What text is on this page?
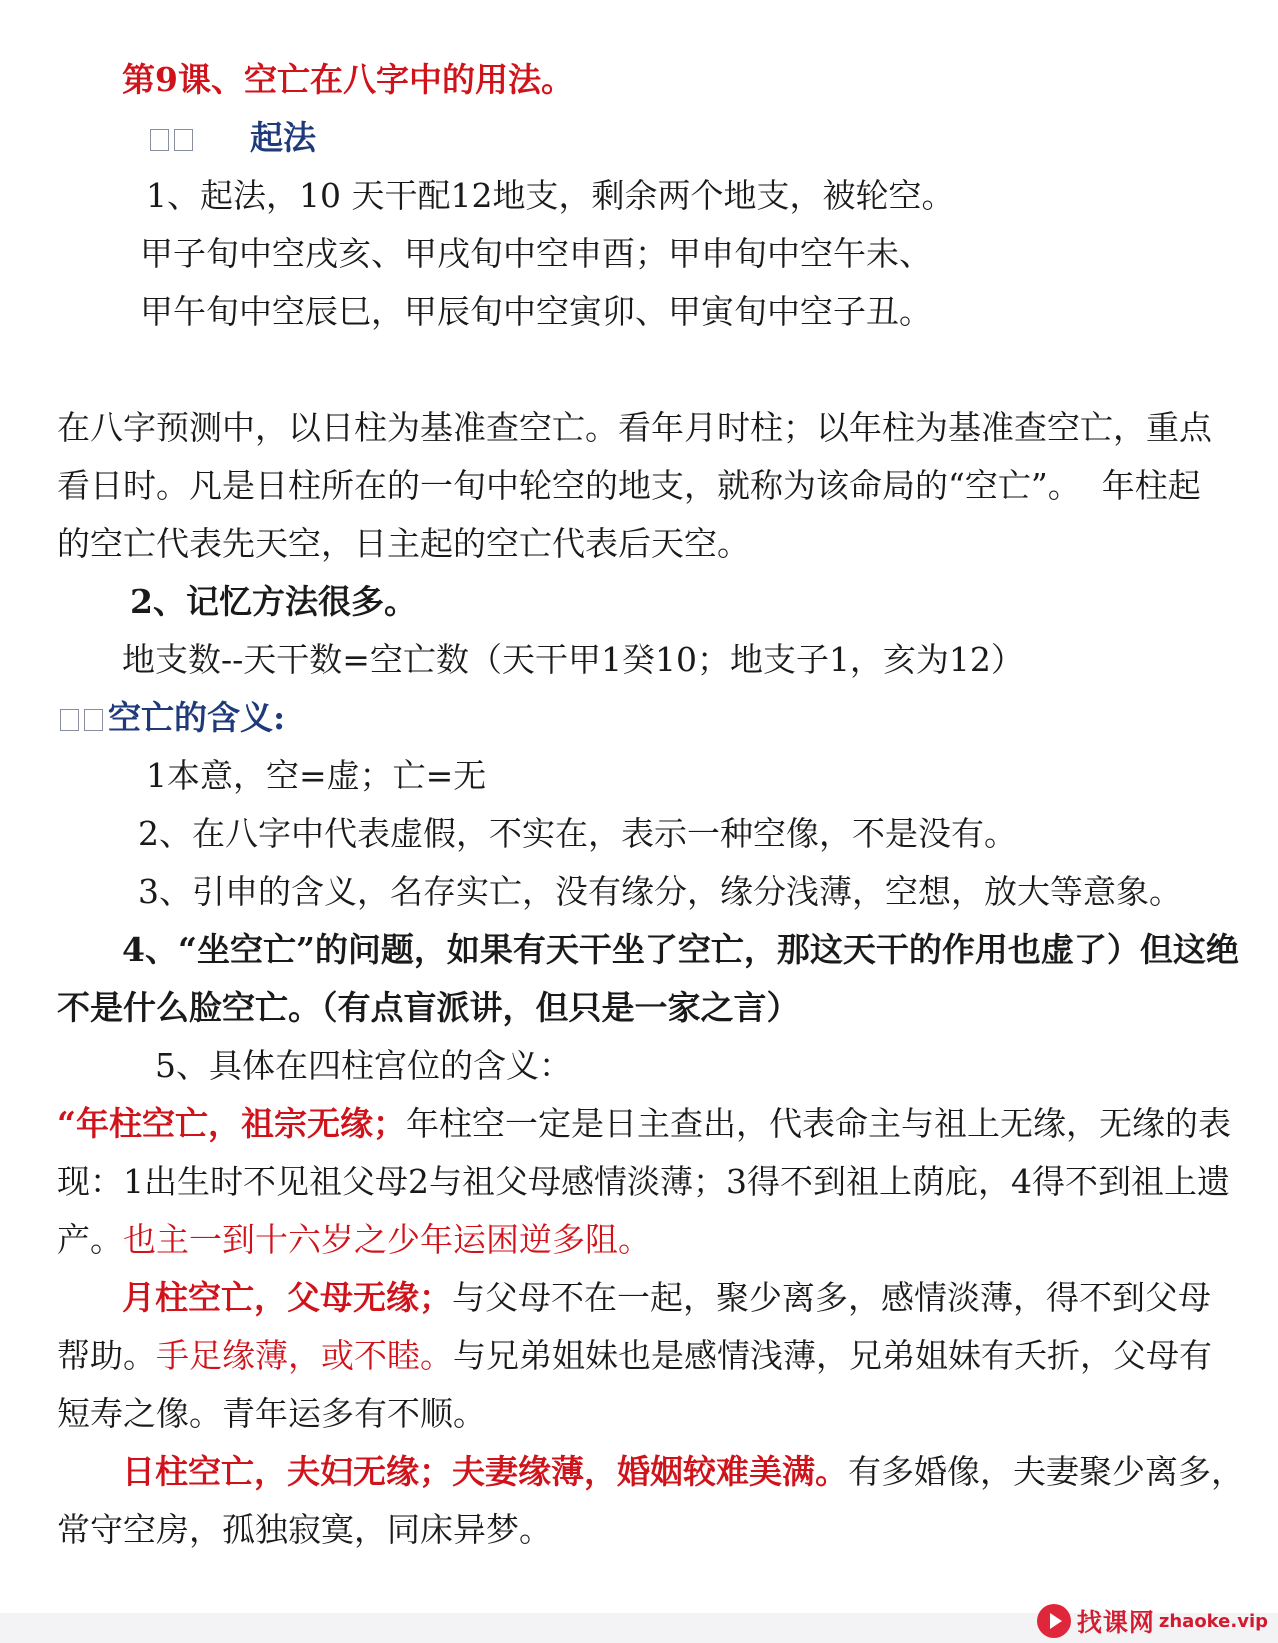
第9课、空亡在八字中的用法。
起法
1、起法，10 天干配12地支，剩余两个地支，被轮空。
甲子旬中空戌亥、甲戌旬中空申酉；甲申旬中空午未、
甲午旬中空辰巳，甲辰旬中空寅卯、甲寅旬中空子丑。
在八字预测中，以日柱为基准查空亡。看年月时柱；以年柱为基准查空亡，重点
看日时。凡是日柱所在的一旬中轮空的地支，就称为该命局的“空亡”。  年柱起
的空亡代表先天空，日主起的空亡代表后天空。
2、记忆方法很多。
地支数--天干数=空亡数（天干甲1癸10；地支子1，亥为12）
空亡的含义:
1本意，空=虚；亡=无
2、在八字中代表虚假，不实在，表示一种空像，不是没有。
3、引申的含义，名存实亡，没有缘分，缘分浅薄，空想，放大等意象。
4、“坐空亡”的问题，如果有天干坐了空亡，那这天干的作用也虚了）但这绝
不是什么脸空亡。（有点盲派讲，但只是一家之言）
5、具体在四柱宫位的含义：
“年柱空亡，祖宗无缘；年柱空一定是日主查出，代表命主与祖上无缘，无缘的表
现：1出生时不见祖父母2与祖父母感情淡薄；3得不到祖上荫庇，4得不到祖上遗
产。也主一到十六岁之少年运困逆多阻。
月柱空亡，父母无缘；与父母不在一起，聚少离多，感情淡薄，得不到父母
帮助。手足缘薄，或不睦。与兄弟姐妹也是感情浅薄，兄弟姐妹有夭折，父母有
短寿之像。青年运多有不顺。
日柱空亡，夫妇无缘；夫妻缘薄，婚姻较难美满。有多婚像，夫妻聚少离多，
常守空房，孤独寂寞，同床异梦。
找课网 zhaoke.vip
